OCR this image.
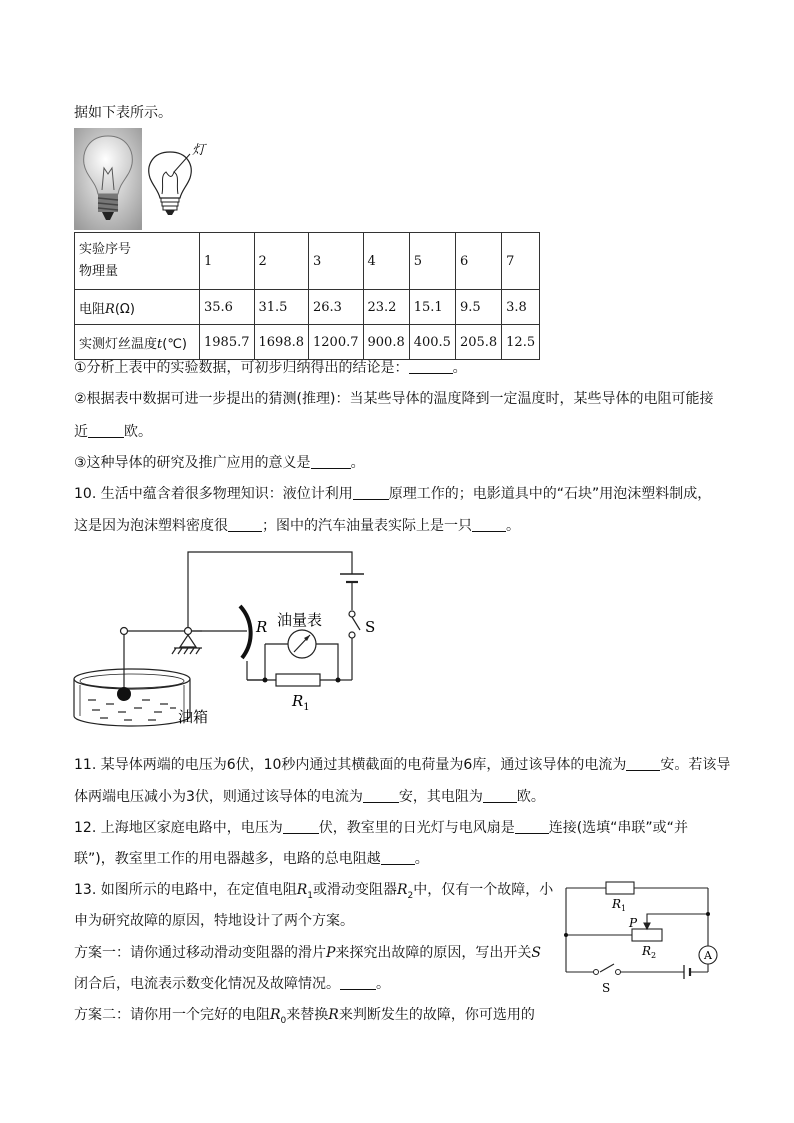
据如下表所示。
灯
实验序号
物理量	1	2	3	4	5	6	7
电阻R(Ω)	35.6	31.5	26.3	23.2	15.1	9.5	3.8
实测灯丝温度t(℃)	1985.7	1698.8	1200.7	900.8	400.5	205.8	12.5
①分析上表中的实验数据，可初步归纳得出的结论是：	。
②根据表中数据可进一步提出的猜测(推理)：当某些导体的温度降到一定温度时，某些导体的电阻可能接
近	欧。
③这种导体的研究及推广应用的意义是	。
10. 生活中蕴含着很多物理知识：液位计利用	原理工作的；电影道具中的“石块”用泡沫塑料制成，
这是因为泡沫塑料密度很 ；图中的汽车油量表实际上是一只 。
R 油量表	S
$R_1$
油箱
11. 某导体两端的电压为6伏，10秒内通过其横截面的电荷量为6库，通过该导体的电流为 安。若该导
体两端电压减小为3伏，则通过该导体的电流为	安，其电阻为 欧。
12. 上海地区家庭电路中，电压为	伏，教室里的日光灯与电风扇是 连接(选填“串联”或“并
联”)，教室里工作的用电器越多，电路的总电阻越 。
13. 如图所示的电路中，在定值电阻$R_1$或滑动变阻器$R_2$中，仅有一个故障，小
申为研究故障的原因，特地设计了两个方案。
方案一：请你通过移动滑动变阻器的滑片P来探究出故障的原因，写出开关S
闭合后，电流表示数变化情况及故障情况。	。
方案二：请你用一个完好的电阻$R_0$来替换R来判断发生的故障，你可选用的
$R_1$
P
$R_2$	A
S
